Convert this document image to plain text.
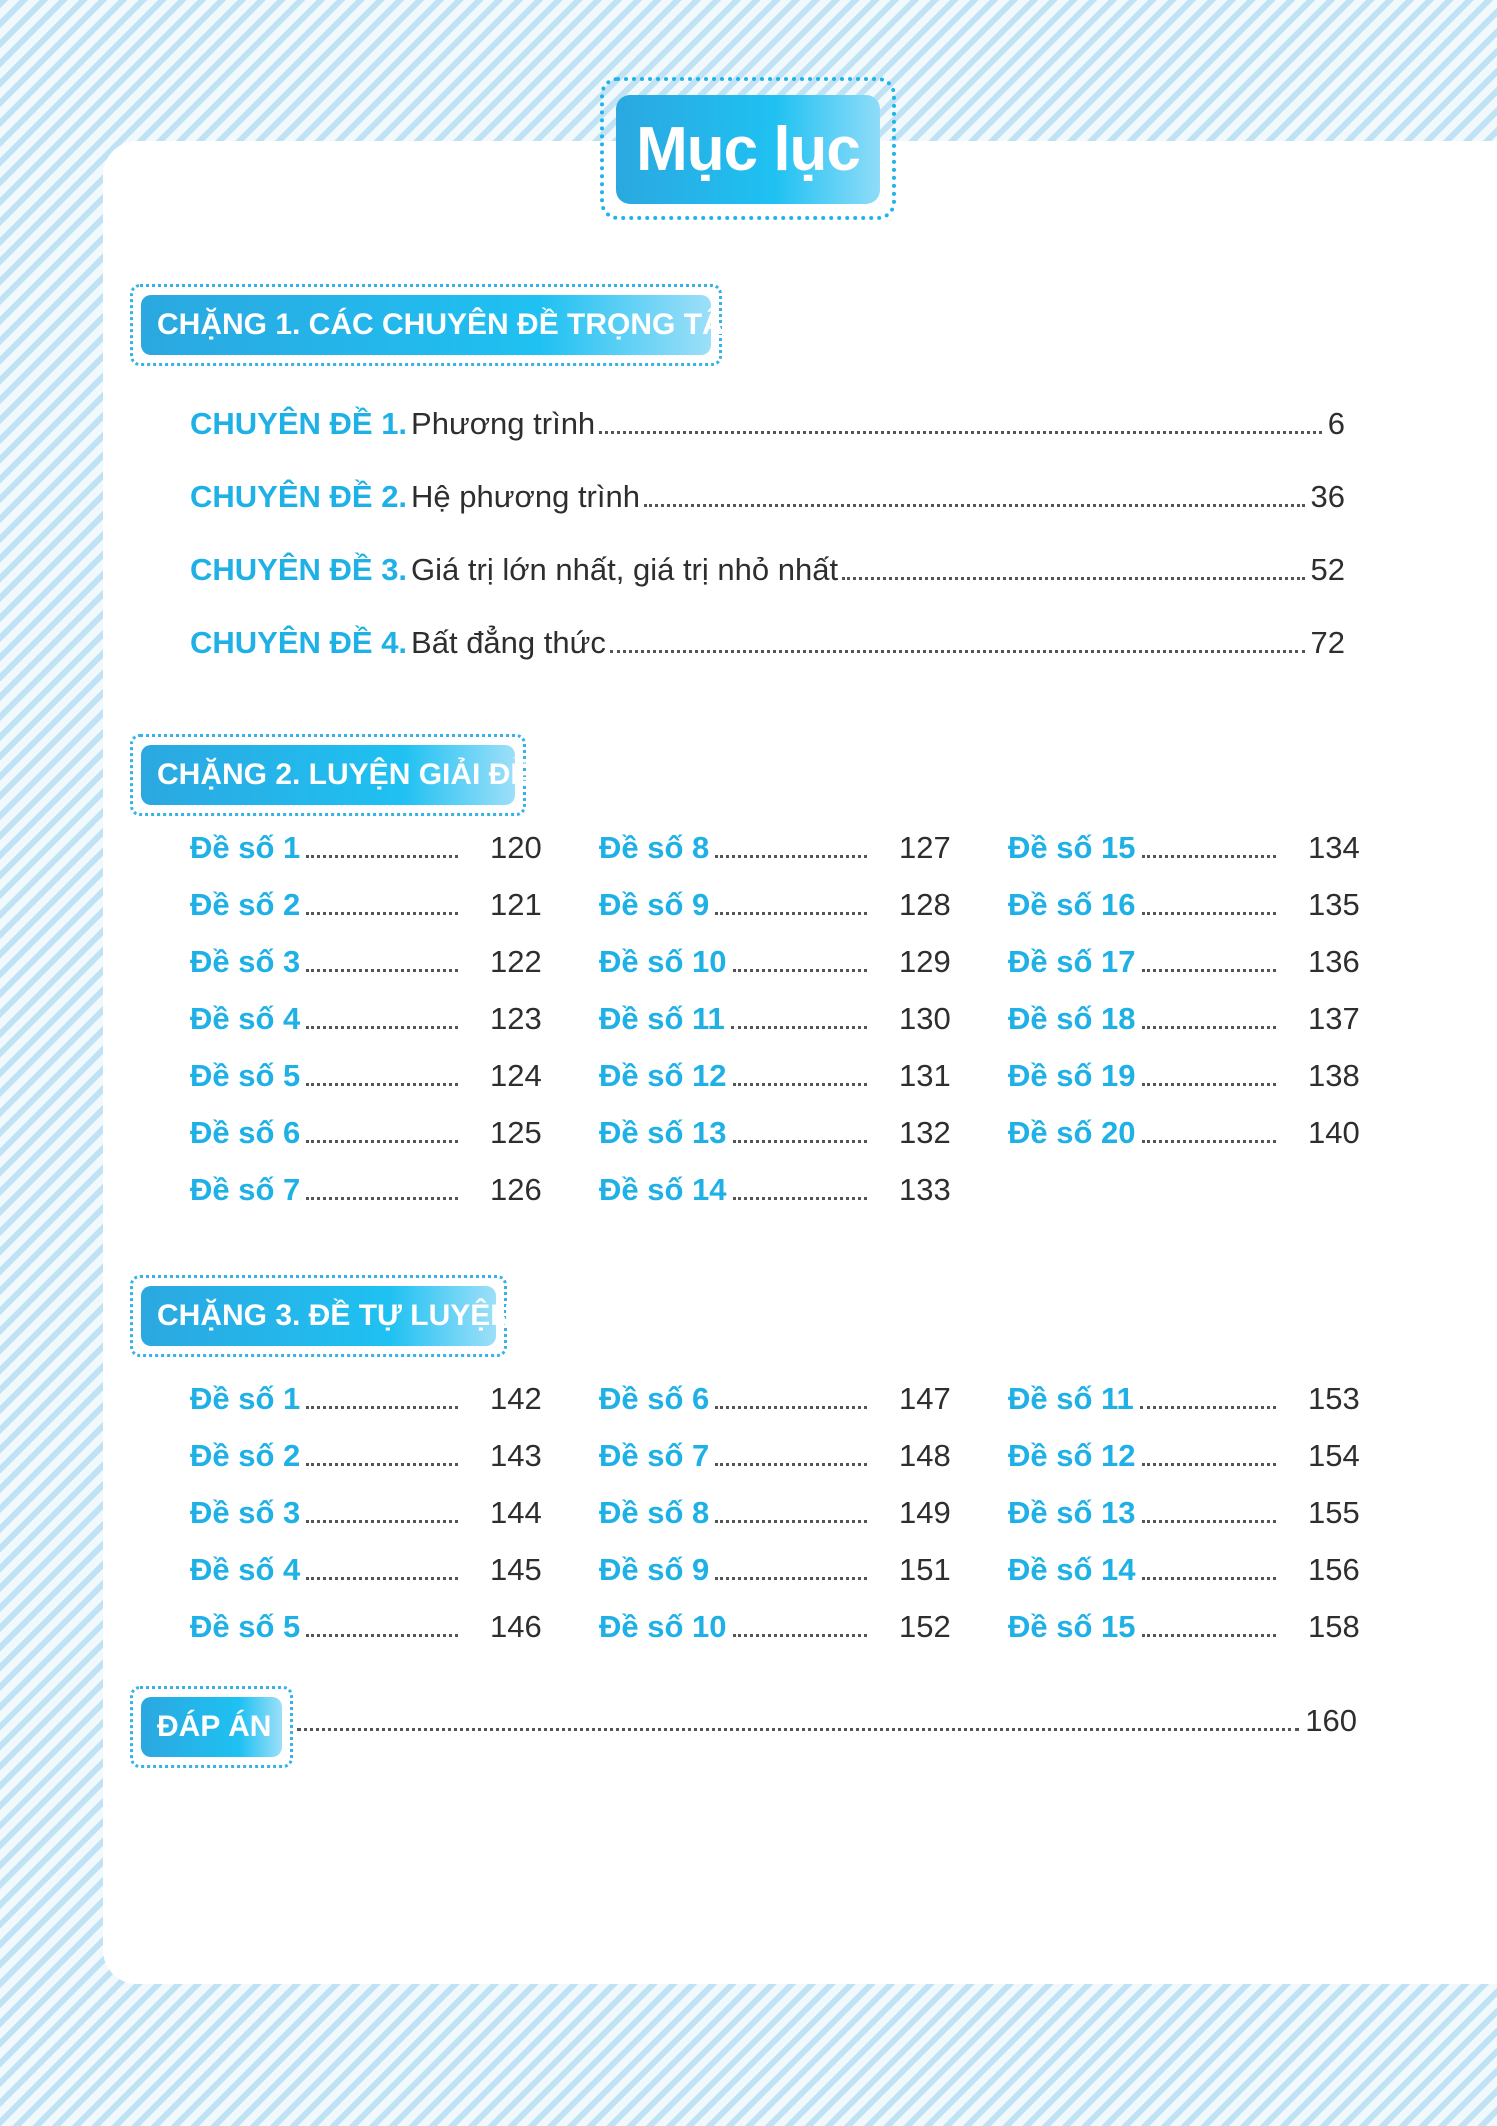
Mục lục
CHẶNG 1. CÁC CHUYÊN ĐỀ TRỌNG TÂM
CHUYÊN ĐỀ 1. Phương trình	6
CHUYÊN ĐỀ 2. Hệ phương trình	36
CHUYÊN ĐỀ 3. Giá trị lớn nhất, giá trị nhỏ nhất	52
CHUYÊN ĐỀ 4. Bất đẳng thức	72
CHẶNG 2. LUYỆN GIẢI ĐỀ
Đề số 1	120
Đề số 2	121
Đề số 3	122
Đề số 4	123
Đề số 5	124
Đề số 6	125
Đề số 7	126
Đề số 8	127
Đề số 9	128
Đề số 10	129
Đề số 11	130
Đề số 12	131
Đề số 13	132
Đề số 14	133
Đề số 15	134
Đề số 16	135
Đề số 17	136
Đề số 18	137
Đề số 19	138
Đề số 20	140
CHẶNG 3. ĐỀ TỰ LUYỆN
Đề số 1	142
Đề số 2	143
Đề số 3	144
Đề số 4	145
Đề số 5	146
Đề số 6	147
Đề số 7	148
Đề số 8	149
Đề số 9	151
Đề số 10	152
Đề số 11	153
Đề số 12	154
Đề số 13	155
Đề số 14	156
Đề số 15	158
ĐÁP ÁN	160
